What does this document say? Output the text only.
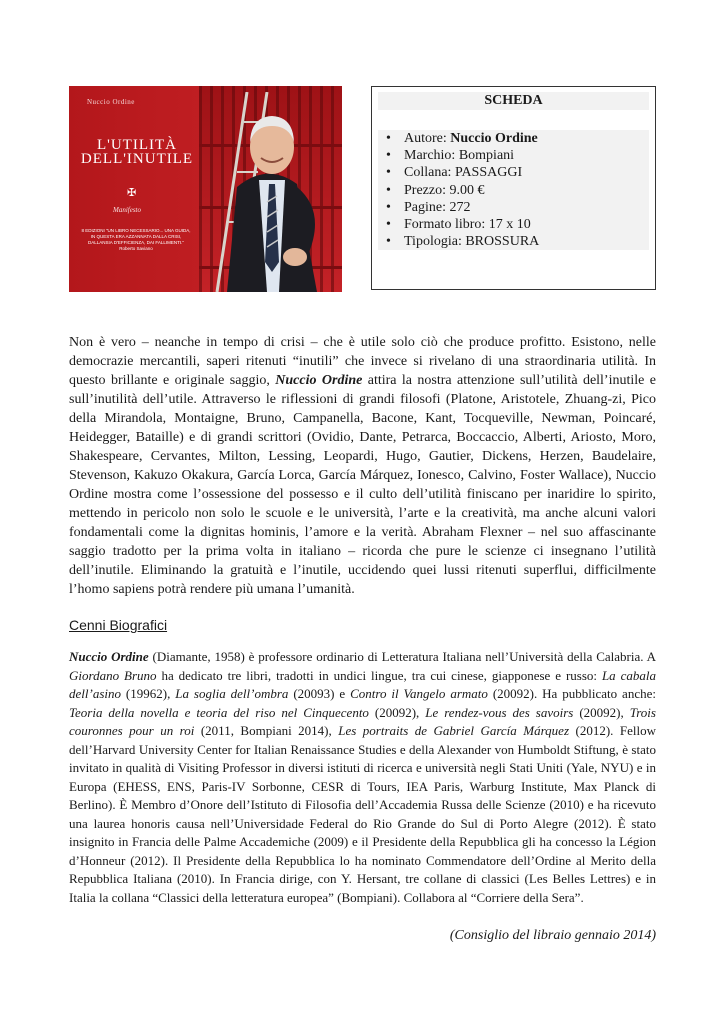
Nuccio Ordine
L'UTILITÀ DELL'INUTILE
✠
Manifesto
8 EDIZIONI "UN LIBRO NECESSARIO... UNA GUIDA, IN QUESTA ERA AZZANNATA DALLA CRISI, DALLANSIA D'EFFICIENZA, DAI FALLIMENTI." Roberto Saviano
SCHEDA
• Autore: Nuccio Ordine
• Marchio: Bompiani
• Collana: PASSAGGI
• Prezzo: 9.00 €
• Pagine: 272
• Formato libro: 17 x 10
• Tipologia: BROSSURA

Non è vero – neanche in tempo di crisi – che è utile solo ciò che produce profitto. Esistono, nelle democrazie mercantili, saperi ritenuti “inutili” che invece si rivelano di una straordinaria utilità. In questo brillante e originale saggio, Nuccio Ordine attira la nostra attenzione sull’utilità dell’inutile e sull’inutilità dell’utile. Attraverso le riflessioni di grandi filosofi (Platone, Aristotele, Zhuang-zi, Pico della Mirandola, Montaigne, Bruno, Campanella, Bacone, Kant, Tocqueville, Newman, Poincaré, Heidegger, Bataille) e di grandi scrittori (Ovidio, Dante, Petrarca, Boccaccio, Alberti, Ariosto, Moro, Shakespeare, Cervantes, Milton, Lessing, Leopardi, Hugo, Gautier, Dickens, Herzen, Baudelaire, Stevenson, Kakuzo Okakura, García Lorca, García Márquez, Ionesco, Calvino, Foster Wallace), Nuccio Ordine mostra come l’ossessione del possesso e il culto dell’utilità finiscano per inaridire lo spirito, mettendo in pericolo non solo le scuole e le università, l’arte e la creatività, ma anche alcuni valori fondamentali come la dignitas hominis, l’amore e la verità. Abraham Flexner – nel suo affascinante saggio tradotto per la prima volta in italiano – ricorda che pure le scienze ci insegnano l’utilità dell’inutile. Eliminando la gratuità e l’inutile, uccidendo quei lussi ritenuti superflui, difficilmente l’homo sapiens potrà rendere più umana l’umanità.

Cenni Biografici

Nuccio Ordine (Diamante, 1958) è professore ordinario di Letteratura Italiana nell’Università della Calabria. A Giordano Bruno ha dedicato tre libri, tradotti in undici lingue, tra cui cinese, giapponese e russo: La cabala dell’asino (19962), La soglia dell’ombra (20093) e Contro il Vangelo armato (20092). Ha pubblicato anche: Teoria della novella e teoria del riso nel Cinquecento (20092), Le rendez-vous des savoirs (20092), Trois couronnes pour un roi (2011, Bompiani 2014), Les portraits de Gabriel García Márquez (2012). Fellow dell’Harvard University Center for Italian Renaissance Studies e della Alexander von Humboldt Stiftung, è stato invitato in qualità di Visiting Professor in diversi istituti di ricerca e università negli Stati Uniti (Yale, NYU) e in Europa (EHESS, ENS, Paris-IV Sorbonne, CESR di Tours, IEA Paris, Warburg Institute, Max Planck di Berlino). È Membro d’Onore dell’Istituto di Filosofia dell’Accademia Russa delle Scienze (2010) e ha ricevuto una laurea honoris causa nell’Universidade Federal do Rio Grande do Sul di Porto Alegre (2012). È stato insignito in Francia delle Palme Accademiche (2009) e il Presidente della Repubblica gli ha concesso la Légion d’Honneur (2012). Il Presidente della Repubblica lo ha nominato Commendatore dell’Ordine al Merito della Repubblica Italiana (2010). In Francia dirige, con Y. Hersant, tre collane di classici (Les Belles Lettres) e in Italia la collana “Classici della letteratura europea” (Bompiani). Collabora al “Corriere della Sera”.

(Consiglio del libraio gennaio 2014)
